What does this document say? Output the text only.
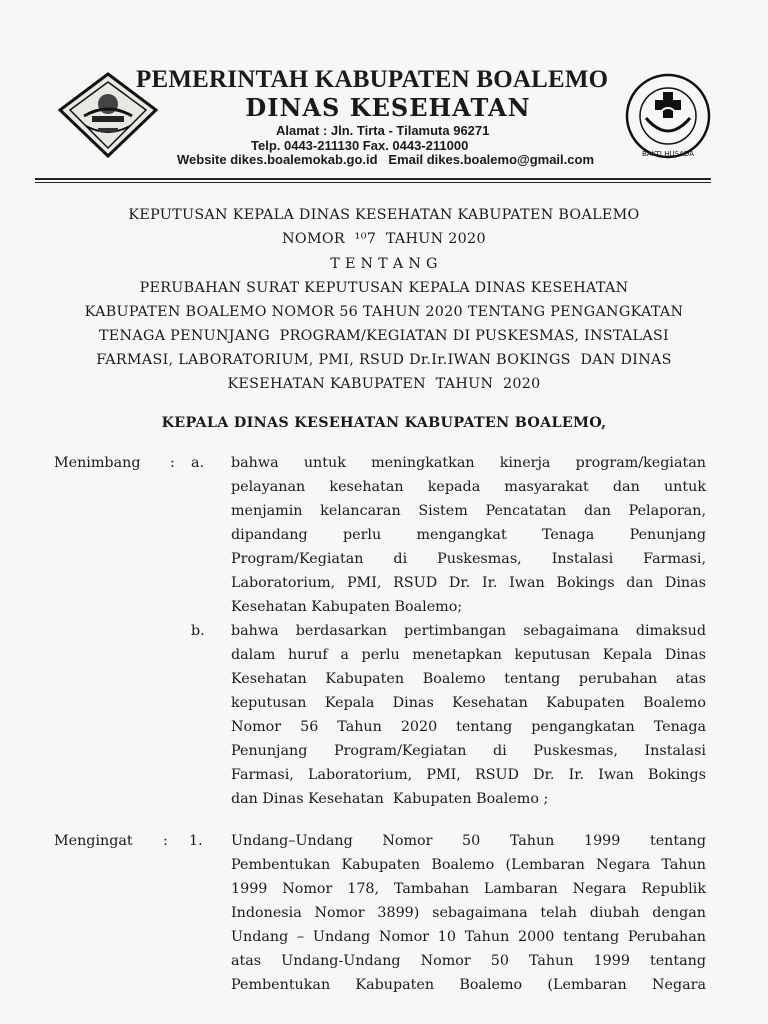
BAKTI HUSADA
PEMERINTAH KABUPATEN BOALEMO
DINAS KESEHATAN
Alamat : Jln. Tirta - Tilamuta 96271
Telp. 0443-211130 Fax. 0443-211000
Website dikes.boalemokab.go.id   Email dikes.boalemo@gmail.com
KEPUTUSAN KEPALA DINAS KESEHATAN KABUPATEN BOALEMO
NOMOR  ¹⁰7  TAHUN 2020
T E N T A N G
PERUBAHAN SURAT KEPUTUSAN KEPALA DINAS KESEHATAN
KABUPATEN BOALEMO NOMOR 56 TAHUN 2020 TENTANG PENGANGKATAN
TENAGA PENUNJANG  PROGRAM/KEGIATAN DI PUSKESMAS, INSTALASI
FARMASI, LABORATORIUM, PMI, RSUD Dr.Ir.IWAN BOKINGS  DAN DINAS
KESEHATAN KABUPATEN  TAHUN  2020
KEPALA DINAS KESEHATAN KABUPATEN BOALEMO,
Menimbang : a. bahwa untuk meningkatkan kinerja program/kegiatan
pelayanan kesehatan kepada masyarakat dan untuk
menjamin kelancaran Sistem Pencatatan dan Pelaporan,
dipandang perlu mengangkat Tenaga Penunjang
Program/Kegiatan di Puskesmas, Instalasi Farmasi,
Laboratorium, PMI, RSUD Dr. Ir. Iwan Bokings dan Dinas
Kesehatan Kabupaten Boalemo;
b. bahwa berdasarkan pertimbangan sebagaimana dimaksud
dalam huruf a perlu menetapkan keputusan Kepala Dinas
Kesehatan Kabupaten Boalemo tentang perubahan atas
keputusan Kepala Dinas Kesehatan Kabupaten Boalemo
Nomor 56 Tahun 2020 tentang pengangkatan Tenaga
Penunjang Program/Kegiatan di Puskesmas, Instalasi
Farmasi, Laboratorium, PMI, RSUD Dr. Ir. Iwan Bokings
dan Dinas Kesehatan  Kabupaten Boalemo ;
Mengingat : 1. Undang–Undang Nomor 50 Tahun 1999 tentang
Pembentukan Kabupaten Boalemo (Lembaran Negara Tahun
1999 Nomor 178, Tambahan Lambaran Negara Republik
Indonesia Nomor 3899) sebagaimana telah diubah dengan
Undang – Undang Nomor 10 Tahun 2000 tentang Perubahan
atas Undang-Undang Nomor 50 Tahun 1999 tentang
Pembentukan Kabupaten Boalemo (Lembaran Negara
